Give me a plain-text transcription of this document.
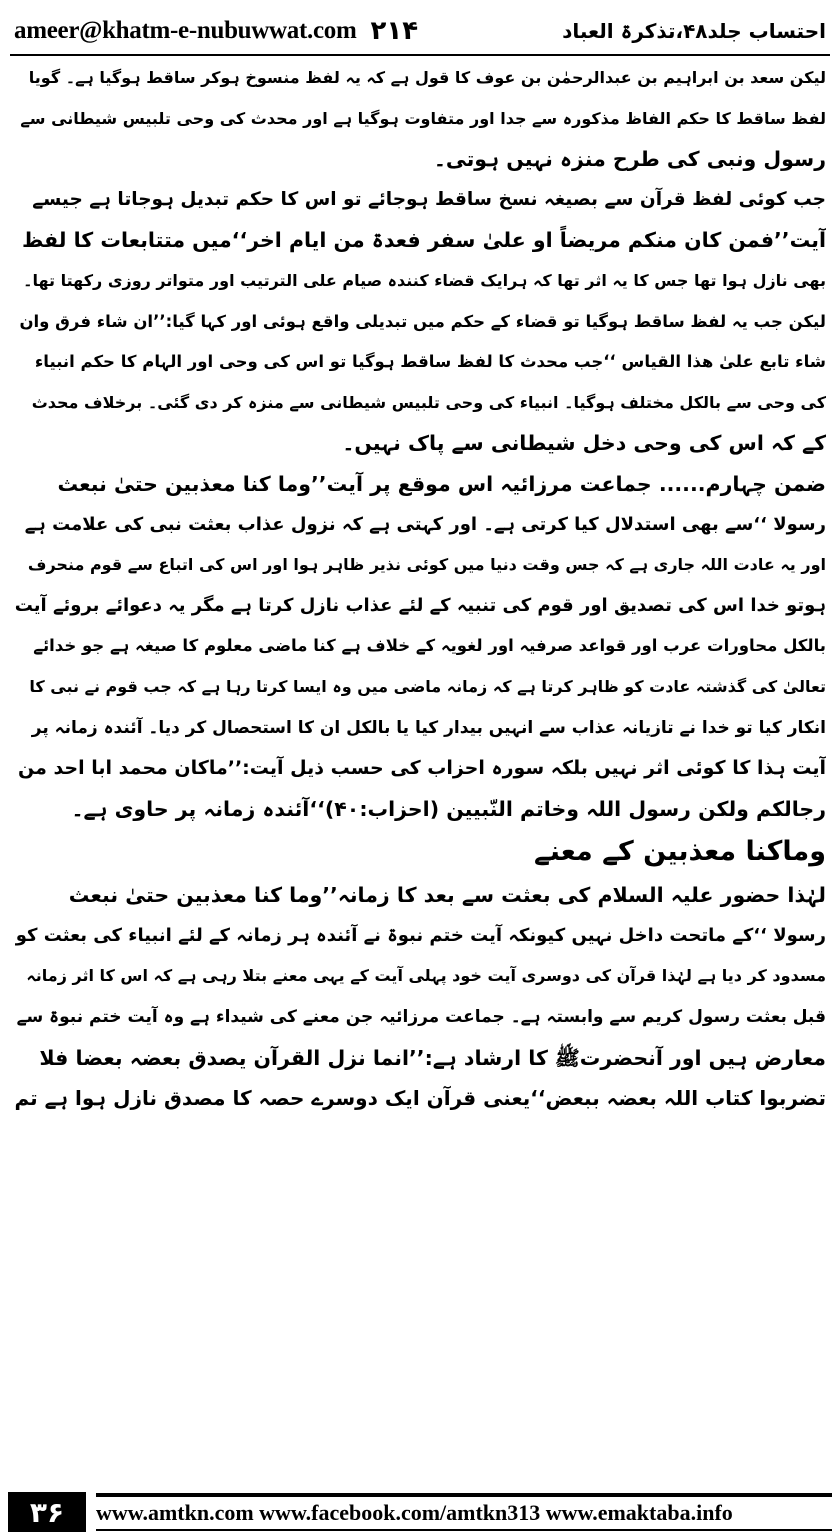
ameer@khatm-e-nubuwwat.com ۲۱۴	احتساب جلد۴۸،تذکرۃ العباد
لیکن سعد بن ابراہیم بن عبدالرحمٰن بن عوف کا قول ہے کہ یہ لفظ منسوخ ہوکر ساقط ہوگیا ہے۔ گویا
لفظ ساقط کا حکم الفاظ مذکورہ سے جدا اور متفاوت ہوگیا ہے اور محدث کی وحی تلبیس شیطانی سے
رسول ونبی کی طرح منزہ نہیں ہوتی۔
جب کوئی لفظ قرآن سے بصیغہ نسخ ساقط ہوجائے تو اس کا حکم تبدیل ہوجاتا ہے جیسے
آیت’’فمن کان منکم مریضاً او علیٰ سفر فعدۃ من ایام اخر‘‘میں متتابعات کا لفظ
بھی نازل ہوا تھا جس کا یہ اثر تھا کہ ہرایک قضاء کنندہ صیام علی الترتیب اور متواتر روزی رکھتا تھا۔
لیکن جب یہ لفظ ساقط ہوگیا تو قضاء کے حکم میں تبدیلی واقع ہوئی اور کہا گیا:’’ان شاء فرق وان
شاء تابع علیٰ ھذا القیاس ‘‘جب محدث کا لفظ ساقط ہوگیا تو اس کی وحی اور الہام کا حکم انبیاء
کی وحی سے بالکل مختلف ہوگیا۔ انبیاء کی وحی تلبیس شیطانی سے منزہ کر دی گئی۔ برخلاف محدث
کے کہ اس کی وحی دخل شیطانی سے پاک نہیں۔
ضمن چہارم...... جماعت مرزائیہ اس موقع پر آیت’’وما کنا معذبین حتیٰ نبعث
رسولا ‘‘سے بھی استدلال کیا کرتی ہے۔ اور کہتی ہے کہ نزول عذاب بعثت نبی کی علامت ہے
اور یہ عادت اللہ جاری ہے کہ جس وقت دنیا میں کوئی نذیر ظاہر ہوا اور اس کی اتباع سے قوم منحرف
ہوتو خدا اس کی تصدیق اور قوم کی تنبیہ کے لئے عذاب نازل کرتا ہے مگر یہ دعوائے بروئے آیت
بالکل محاورات عرب اور قواعد صرفیہ اور لغویہ کے خلاف ہے کنا ماضی معلوم کا صیغہ ہے جو خدائے
تعالیٰ کی گذشتہ عادت کو ظاہر کرتا ہے کہ زمانہ ماضی میں وہ ایسا کرتا رہا ہے کہ جب قوم نے نبی کا
انکار کیا تو خدا نے تازیانہ عذاب سے انہیں بیدار کیا یا بالکل ان کا استحصال کر دیا۔ آئندہ زمانہ پر
آیت ہذا کا کوئی اثر نہیں بلکہ سورہ احزاب کی حسب ذیل آیت:’’ماکان محمد ابا احد من
رجالکم ولکن رسول اللہ وخاتم النّبیین (احزاب:۴۰)‘‘آئندہ زمانہ پر حاوی ہے۔
وماکنا معذبین کے معنے
لہٰذا حضور علیہ السلام کی بعثت سے بعد کا زمانہ’’وما کنا معذبین حتیٰ نبعث
رسولا ‘‘کے ماتحت داخل نہیں کیونکہ آیت ختم نبوۃ نے آئندہ ہر زمانہ کے لئے انبیاء کی بعثت کو
مسدود کر دیا ہے لہٰذا قرآن کی دوسری آیت خود پہلی آیت کے یہی معنے بتلا رہی ہے کہ اس کا اثر زمانہ
قبل بعثت رسول کریم سے وابستہ ہے۔ جماعت مرزائیہ جن معنے کی شیداء ہے وہ آیت ختم نبوۃ سے
معارض ہیں اور آنحضرتﷺ کا ارشاد ہے:’’انما نزل القرآن یصدق بعضہ بعضا فلا
تضربوا کتاب اللہ بعضہ ببعض‘‘یعنی قرآن ایک دوسرے حصہ کا مصدق نازل ہوا ہے تم
۳۶	www.amtkn.com www.facebook.com/amtkn313 www.emaktaba.info
